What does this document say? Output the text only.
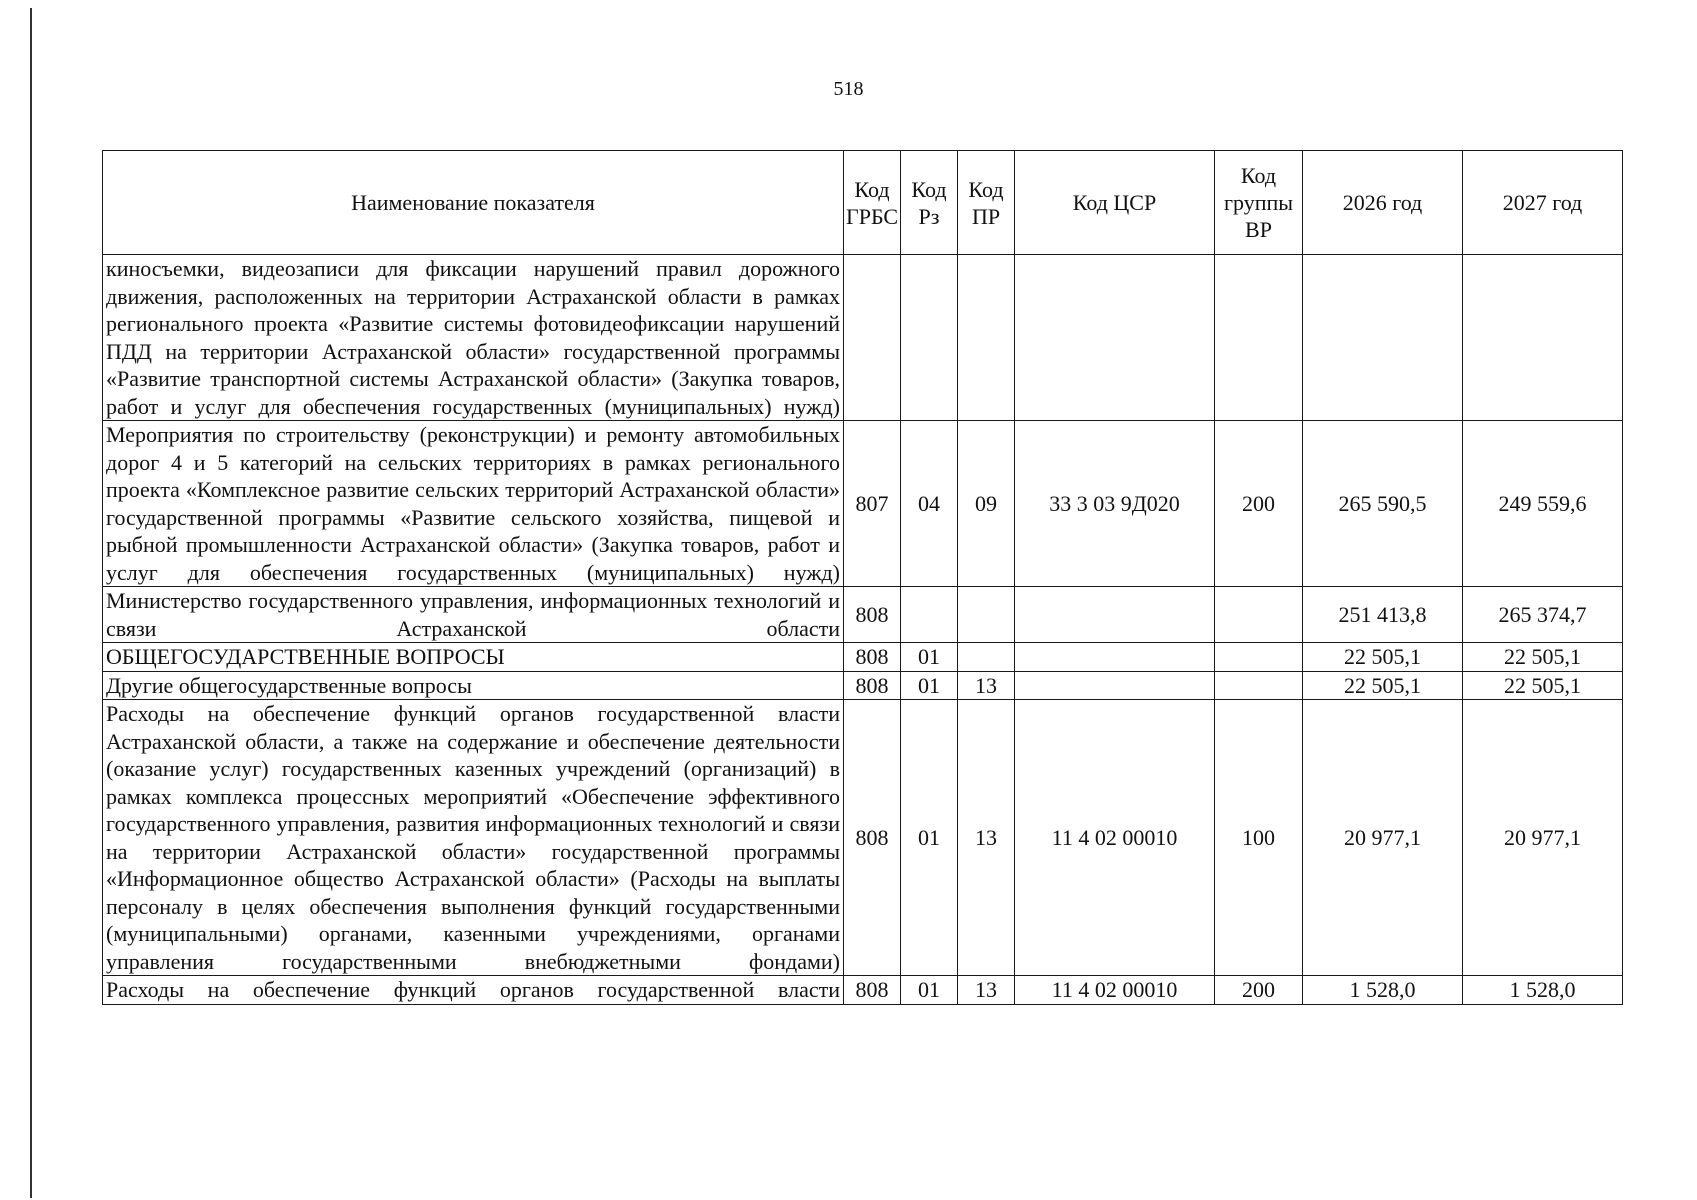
518
Наименование показателя	Код ГРБС	Код Рз	Код ПР	Код ЦСР	Код группы ВР	2026 год	2027 год
киносъемки, видеозаписи для фиксации нарушений правил дорожного движения, расположенных на территории Астраханской области в рамках регионального проекта «Развитие системы фотовидеофиксации нарушений ПДД на территории Астраханской области» государственной программы «Развитие транспортной системы Астраханской области» (Закупка товаров, работ и услуг для обеспечения государственных (муниципальных) нужд)							
Мероприятия по строительству (реконструкции) и ремонту автомобильных дорог 4 и 5 категорий на сельских территориях в рамках регионального проекта «Комплексное развитие сельских территорий Астраханской области» государственной программы «Развитие сельского хозяйства, пищевой и рыбной промышленности Астраханской области» (Закупка товаров, работ и услуг для обеспечения государственных (муниципальных) нужд)	807	04	09	33 3 03 9Д020	200	265 590,5	249 559,6
Министерство государственного управления, информационных технологий и связи Астраханской области	808					251 413,8	265 374,7
ОБЩЕГОСУДАРСТВЕННЫЕ ВОПРОСЫ	808	01				22 505,1	22 505,1
Другие общегосударственные вопросы	808	01	13			22 505,1	22 505,1
Расходы на обеспечение функций органов государственной власти Астраханской области, а также на содержание и обеспечение деятельности (оказание услуг) государственных казенных учреждений (организаций) в рамках комплекса процессных мероприятий «Обеспечение эффективного государственного управления, развития информационных технологий и связи на территории Астраханской области» государственной программы «Информационное общество Астраханской области» (Расходы на выплаты персоналу в целях обеспечения выполнения функций государственными (муниципальными) органами, казенными учреждениями, органами управления государственными внебюджетными фондами)	808	01	13	11 4 02 00010	100	20 977,1	20 977,1
Расходы на обеспечение функций органов государственной власти	808	01	13	11 4 02 00010	200	1 528,0	1 528,0
